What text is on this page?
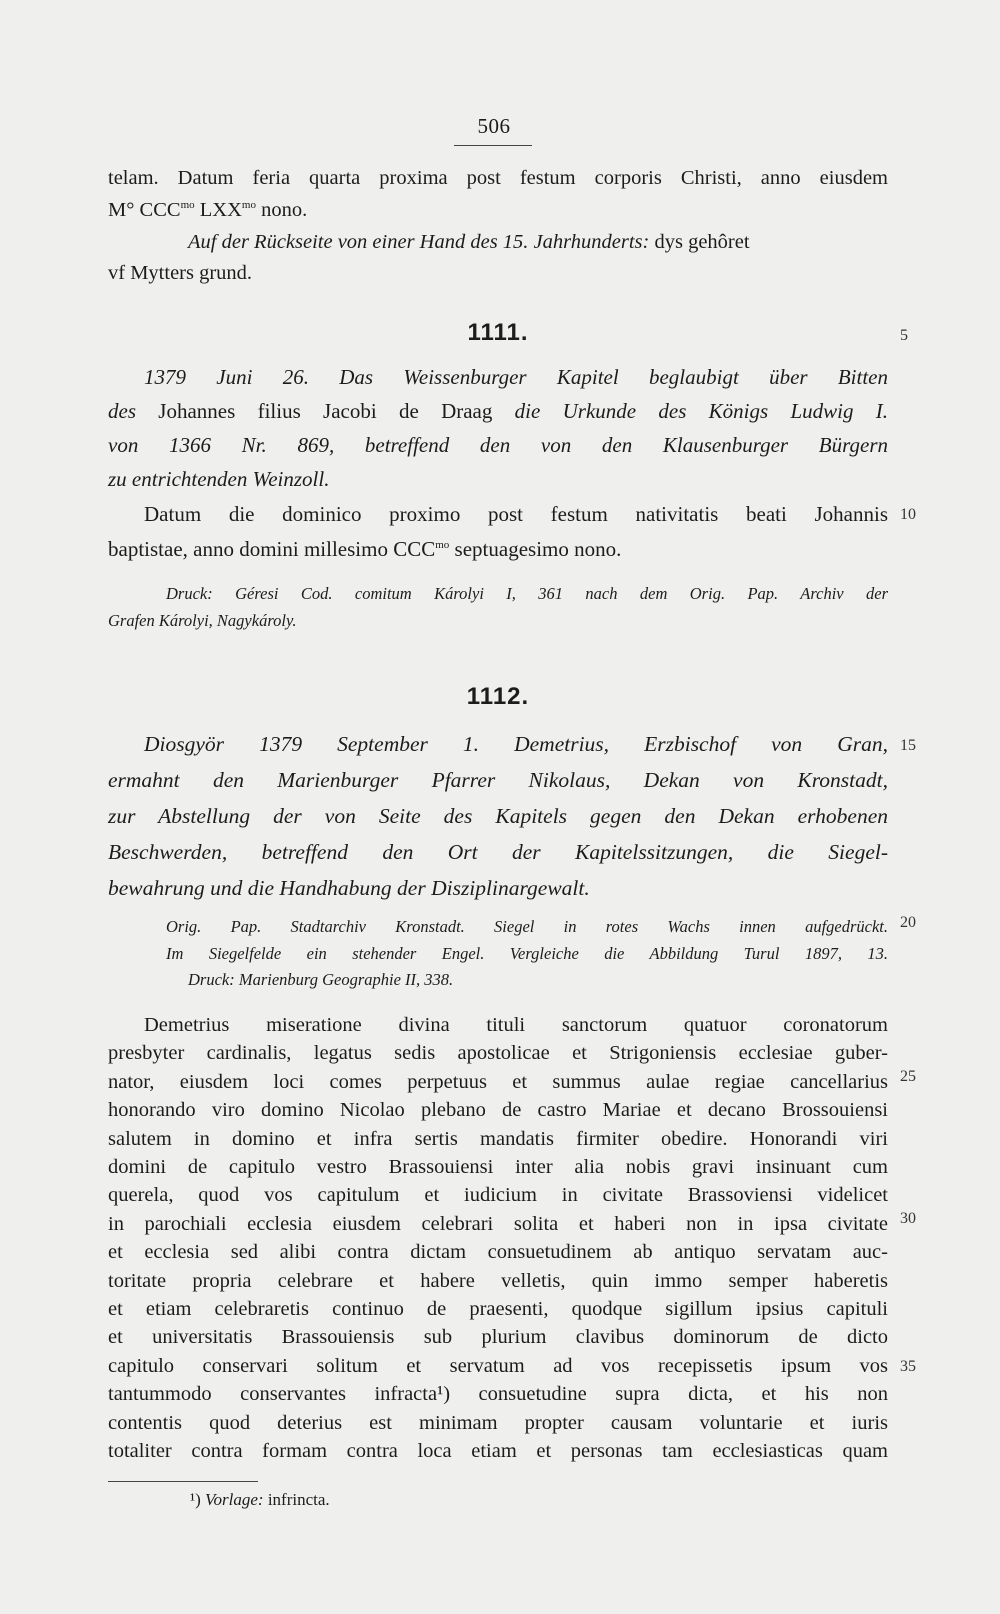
506
telam. Datum feria quarta proxima post festum corporis Christi, anno eiusdem
M° $CCC^{mo}$ $LXX^{mo}$ nono.
Auf der Rückseite von einer Hand des 15. Jahrhunderts: dys gehôret
vf Mytters grund.
1111.
1379 Juni 26. Das Weissenburger Kapitel beglaubigt über Bitten
des Johannes filius Jacobi de Draag die Urkunde des Königs Ludwig I.
von 1366 Nr. 869, betreffend den von den Klausenburger Bürgern
zu entrichtenden Weinzoll.
Datum die dominico proximo post festum nativitatis beati Johannis
baptistae, anno domini millesimo $CCC^{mo}$ septuagesimo nono.
Druck: Géresi Cod. comitum Károlyi I, 361 nach dem Orig. Pap. Archiv der
Grafen Károlyi, Nagykároly.
1112.
Diosgyör 1379 September 1. Demetrius, Erzbischof von Gran,
ermahnt den Marienburger Pfarrer Nikolaus, Dekan von Kronstadt,
zur Abstellung der von Seite des Kapitels gegen den Dekan erhobenen
Beschwerden, betreffend den Ort der Kapitelssitzungen, die Siegel-
bewahrung und die Handhabung der Disziplinargewalt.
Orig. Pap. Stadtarchiv Kronstadt. Siegel in rotes Wachs innen aufgedrückt.
Im Siegelfelde ein stehender Engel. Vergleiche die Abbildung Turul 1897, 13.
Druck: Marienburg Geographie II, 338.
Demetrius miseratione divina tituli sanctorum quatuor coronatorum
presbyter cardinalis, legatus sedis apostolicae et Strigoniensis ecclesiae guber-
nator, eiusdem loci comes perpetuus et summus aulae regiae cancellarius
honorando viro domino Nicolao plebano de castro Mariae et decano Brossouiensi
salutem in domino et infra sertis mandatis firmiter obedire. Honorandi viri
domini de capitulo vestro Brassouiensi inter alia nobis gravi insinuant cum
querela, quod vos capitulum et iudicium in civitate Brassoviensi videlicet
in parochiali ecclesia eiusdem celebrari solita et haberi non in ipsa civitate
et ecclesia sed alibi contra dictam consuetudinem ab antiquo servatam auc-
toritate propria celebrare et habere velletis, quin immo semper haberetis
et etiam celebraretis continuo de praesenti, quodque sigillum ipsius capituli
et universitatis Brassouiensis sub plurium clavibus dominorum de dicto
capitulo conservari solitum et servatum ad vos recepissetis ipsum vos
tantummodo conservantes infracta¹) consuetudine supra dicta, et his non
contentis quod deterius est minimam propter causam voluntarie et iuris
totaliter contra formam contra loca etiam et personas tam ecclesiasticas quam
5
10
15
20
25
30
35
¹) Vorlage: infrincta.
